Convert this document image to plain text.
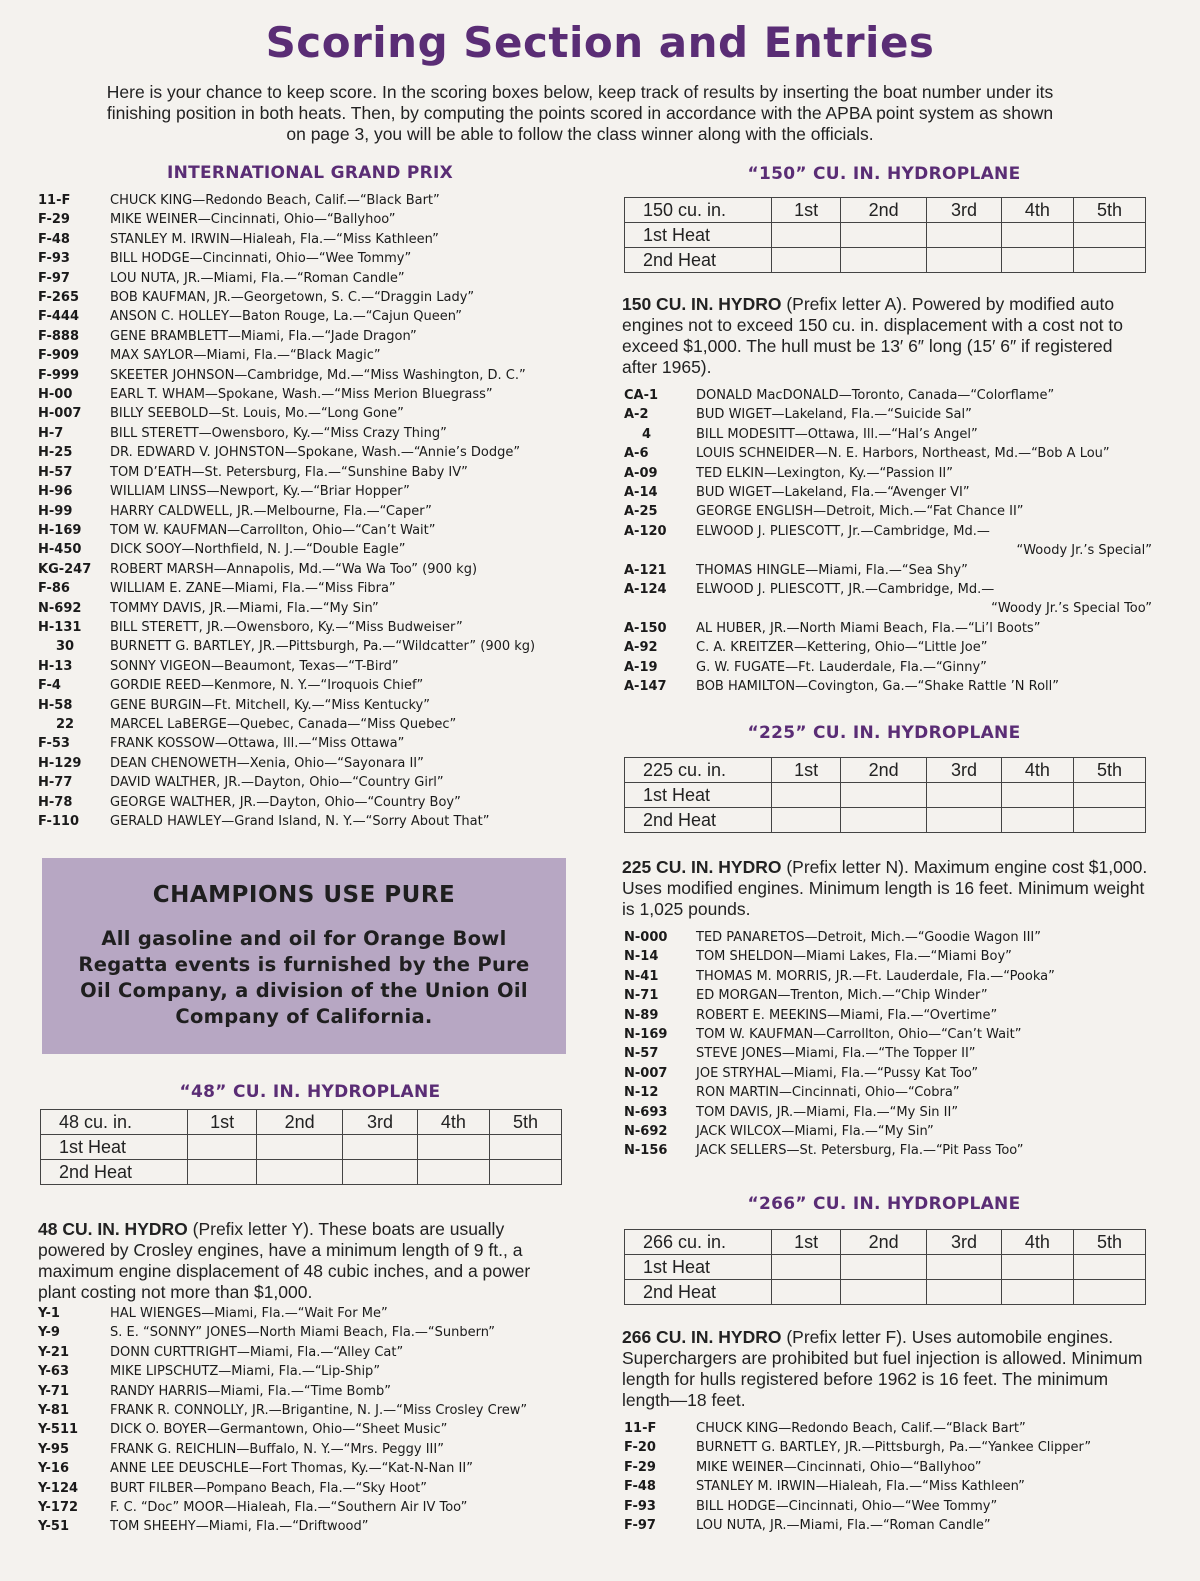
Scoring Section and Entries
Here is your chance to keep score. In the scoring boxes below, keep track of results by inserting the boat number under its finishing position in both heats. Then, by computing the points scored in accordance with the APBA point system as shown on page 3, you will be able to follow the class winner along with the officials.
INTERNATIONAL GRAND PRIX
11-F	CHUCK KING—Redondo Beach, Calif.—“Black Bart”
F-29	MIKE WEINER—Cincinnati, Ohio—“Ballyhoo”
F-48	STANLEY M. IRWIN—Hialeah, Fla.—“Miss Kathleen”
F-93	BILL HODGE—Cincinnati, Ohio—“Wee Tommy”
F-97	LOU NUTA, JR.—Miami, Fla.—“Roman Candle”
F-265	BOB KAUFMAN, JR.—Georgetown, S. C.—“Draggin Lady”
F-444	ANSON C. HOLLEY—Baton Rouge, La.—“Cajun Queen”
F-888	GENE BRAMBLETT—Miami, Fla.—“Jade Dragon”
F-909	MAX SAYLOR—Miami, Fla.—“Black Magic”
F-999	SKEETER JOHNSON—Cambridge, Md.—“Miss Washington, D. C.”
H-00	EARL T. WHAM—Spokane, Wash.—“Miss Merion Bluegrass”
H-007	BILLY SEEBOLD—St. Louis, Mo.—“Long Gone”
H-7	BILL STERETT—Owensboro, Ky.—“Miss Crazy Thing”
H-25	DR. EDWARD V. JOHNSTON—Spokane, Wash.—“Annie’s Dodge”
H-57	TOM D’EATH—St. Petersburg, Fla.—“Sunshine Baby IV”
H-96	WILLIAM LINSS—Newport, Ky.—“Briar Hopper”
H-99	HARRY CALDWELL, JR.—Melbourne, Fla.—“Caper”
H-169	TOM W. KAUFMAN—Carrollton, Ohio—“Can’t Wait”
H-450	DICK SOOY—Northfield, N. J.—“Double Eagle”
KG-247	ROBERT MARSH—Annapolis, Md.—“Wa Wa Too” (900 kg)
F-86	WILLIAM E. ZANE—Miami, Fla.—“Miss Fibra”
N-692	TOMMY DAVIS, JR.—Miami, Fla.—“My Sin”
H-131	BILL STERETT, JR.—Owensboro, Ky.—“Miss Budweiser”
30	BURNETT G. BARTLEY, JR.—Pittsburgh, Pa.—“Wildcatter” (900 kg)
H-13	SONNY VIGEON—Beaumont, Texas—“T-Bird”
F-4	GORDIE REED—Kenmore, N. Y.—“Iroquois Chief”
H-58	GENE BURGIN—Ft. Mitchell, Ky.—“Miss Kentucky”
22	MARCEL LaBERGE—Quebec, Canada—“Miss Quebec”
F-53	FRANK KOSSOW—Ottawa, Ill.—“Miss Ottawa”
H-129	DEAN CHENOWETH—Xenia, Ohio—“Sayonara II”
H-77	DAVID WALTHER, JR.—Dayton, Ohio—“Country Girl”
H-78	GEORGE WALTHER, JR.—Dayton, Ohio—“Country Boy”
F-110	GERALD HAWLEY—Grand Island, N. Y.—“Sorry About That”
CHAMPIONS USE PURE
All gasoline and oil for Orange Bowl Regatta events is furnished by the Pure Oil Company, a division of the Union Oil Company of California.
“48” CU. IN. HYDROPLANE
48 cu. in.	1st	2nd	3rd	4th	5th
1st Heat					
2nd Heat					
48 CU. IN. HYDRO (Prefix letter Y). These boats are usually powered by Crosley engines, have a minimum length of 9 ft., a maximum engine displacement of 48 cubic inches, and a power plant costing not more than $1,000.
Y-1	HAL WIENGES—Miami, Fla.—“Wait For Me”
Y-9	S. E. “SONNY” JONES—North Miami Beach, Fla.—“Sunbern”
Y-21	DONN CURTTRIGHT—Miami, Fla.—“Alley Cat”
Y-63	MIKE LIPSCHUTZ—Miami, Fla.—“Lip-Ship”
Y-71	RANDY HARRIS—Miami, Fla.—“Time Bomb”
Y-81	FRANK R. CONNOLLY, JR.—Brigantine, N. J.—“Miss Crosley Crew”
Y-511	DICK O. BOYER—Germantown, Ohio—“Sheet Music”
Y-95	FRANK G. REICHLIN—Buffalo, N. Y.—“Mrs. Peggy III”
Y-16	ANNE LEE DEUSCHLE—Fort Thomas, Ky.—“Kat-N-Nan II”
Y-124	BURT FILBER—Pompano Beach, Fla.—“Sky Hoot”
Y-172	F. C. “Doc” MOOR—Hialeah, Fla.—“Southern Air IV Too”
Y-51	TOM SHEEHY—Miami, Fla.—“Driftwood”
“150” CU. IN. HYDROPLANE
150 cu. in.	1st	2nd	3rd	4th	5th
1st Heat					
2nd Heat					
150 CU. IN. HYDRO (Prefix letter A). Powered by modified auto engines not to exceed 150 cu. in. displacement with a cost not to exceed $1,000. The hull must be 13′ 6″ long (15′ 6″ if registered after 1965).
CA-1	DONALD MacDONALD—Toronto, Canada—“Colorflame”
A-2	BUD WIGET—Lakeland, Fla.—“Suicide Sal”
4	BILL MODESITT—Ottawa, Ill.—“Hal’s Angel”
A-6	LOUIS SCHNEIDER—N. E. Harbors, Northeast, Md.—“Bob A Lou”
A-09	TED ELKIN—Lexington, Ky.—“Passion II”
A-14	BUD WIGET—Lakeland, Fla.—“Avenger VI”
A-25	GEORGE ENGLISH—Detroit, Mich.—“Fat Chance II”
A-120	ELWOOD J. PLIESCOTT, Jr.—Cambridge, Md.—
“Woody Jr.’s Special”
A-121	THOMAS HINGLE—Miami, Fla.—“Sea Shy”
A-124	ELWOOD J. PLIESCOTT, JR.—Cambridge, Md.—
“Woody Jr.’s Special Too”
A-150	AL HUBER, JR.—North Miami Beach, Fla.—“Li’l Boots”
A-92	C. A. KREITZER—Kettering, Ohio—“Little Joe”
A-19	G. W. FUGATE—Ft. Lauderdale, Fla.—“Ginny”
A-147	BOB HAMILTON—Covington, Ga.—“Shake Rattle ’N Roll”
“225” CU. IN. HYDROPLANE
225 cu. in.	1st	2nd	3rd	4th	5th
1st Heat					
2nd Heat					
225 CU. IN. HYDRO (Prefix letter N). Maximum engine cost $1,000. Uses modified engines. Minimum length is 16 feet. Minimum weight is 1,025 pounds.
N-000	TED PANARETOS—Detroit, Mich.—“Goodie Wagon III”
N-14	TOM SHELDON—Miami Lakes, Fla.—“Miami Boy”
N-41	THOMAS M. MORRIS, JR.—Ft. Lauderdale, Fla.—“Pooka”
N-71	ED MORGAN—Trenton, Mich.—“Chip Winder”
N-89	ROBERT E. MEEKINS—Miami, Fla.—“Overtime”
N-169	TOM W. KAUFMAN—Carrollton, Ohio—“Can’t Wait”
N-57	STEVE JONES—Miami, Fla.—“The Topper II”
N-007	JOE STRYHAL—Miami, Fla.—“Pussy Kat Too”
N-12	RON MARTIN—Cincinnati, Ohio—“Cobra”
N-693	TOM DAVIS, JR.—Miami, Fla.—“My Sin II”
N-692	JACK WILCOX—Miami, Fla.—“My Sin”
N-156	JACK SELLERS—St. Petersburg, Fla.—“Pit Pass Too”
“266” CU. IN. HYDROPLANE
266 cu. in.	1st	2nd	3rd	4th	5th
1st Heat					
2nd Heat					
266 CU. IN. HYDRO (Prefix letter F). Uses automobile engines. Superchargers are prohibited but fuel injection is allowed. Minimum length for hulls registered before 1962 is 16 feet. The minimum length—18 feet.
11-F	CHUCK KING—Redondo Beach, Calif.—“Black Bart”
F-20	BURNETT G. BARTLEY, JR.—Pittsburgh, Pa.—“Yankee Clipper”
F-29	MIKE WEINER—Cincinnati, Ohio—“Ballyhoo”
F-48	STANLEY M. IRWIN—Hialeah, Fla.—“Miss Kathleen”
F-93	BILL HODGE—Cincinnati, Ohio—“Wee Tommy”
F-97	LOU NUTA, JR.—Miami, Fla.—“Roman Candle”
